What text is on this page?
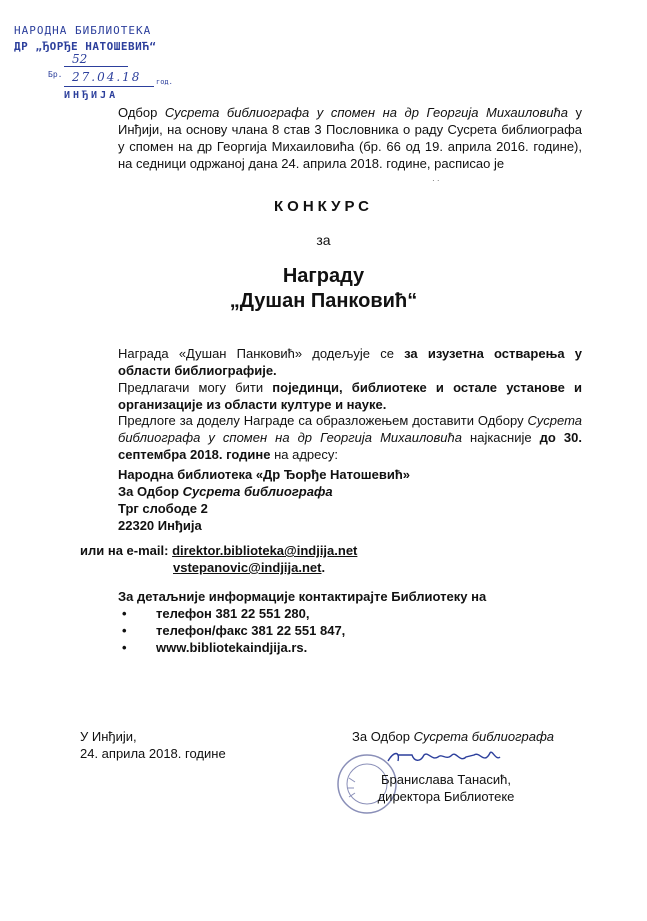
НАРОДНА БИБЛИОТЕКА
ДР „ЂОРЂЕ НАТОШЕВИЋ“
52
Бр. 27.04.18 год.
ИНЂИЈА
Одбор Сусрета библиографа у спомен на др Георгија Михаиловића у Инђији, на основу члана 8 став 3 Пословника о раду Сусрета библиографа у спомен на др Георгија Михаиловића (бр. 66 од 19. априла 2016. године), на седници одржаној дана 24. априла 2018. године, расписао је
· ·
КОНКУРС
за
Награду
„Душан Панковић“
Награда «Душан Панковић» додељује се за изузетна остварења у области библиографије.
Предлагачи могу бити појединци, библиотеке и остале установе и организације из области културе и науке.
Предлоге за доделу Награде са образложењем доставити Одбору Сусрета библиографа у спомен на др Георгија Михаиловића најкасније до 30. септембра 2018. године на адресу:
Народна библиотека «Др Ђорђе Натошевић»
За Одбор Сусрета библиографа
Трг слободе 2
22320 Инђија
или на e-mail: direktor.biblioteka@indjija.net
vstepanovic@indjija.net.
За детаљније информације контактирајте Библиотеку на
• телефон 381 22 551 280,
• телефон/факс 381 22 551 847,
• www.bibliotekaindjija.rs.
У Инђији,
24. априла 2018. године
За Одбор Сусрета библиографа
Бранислава Танасић,
директора Библиотеке
